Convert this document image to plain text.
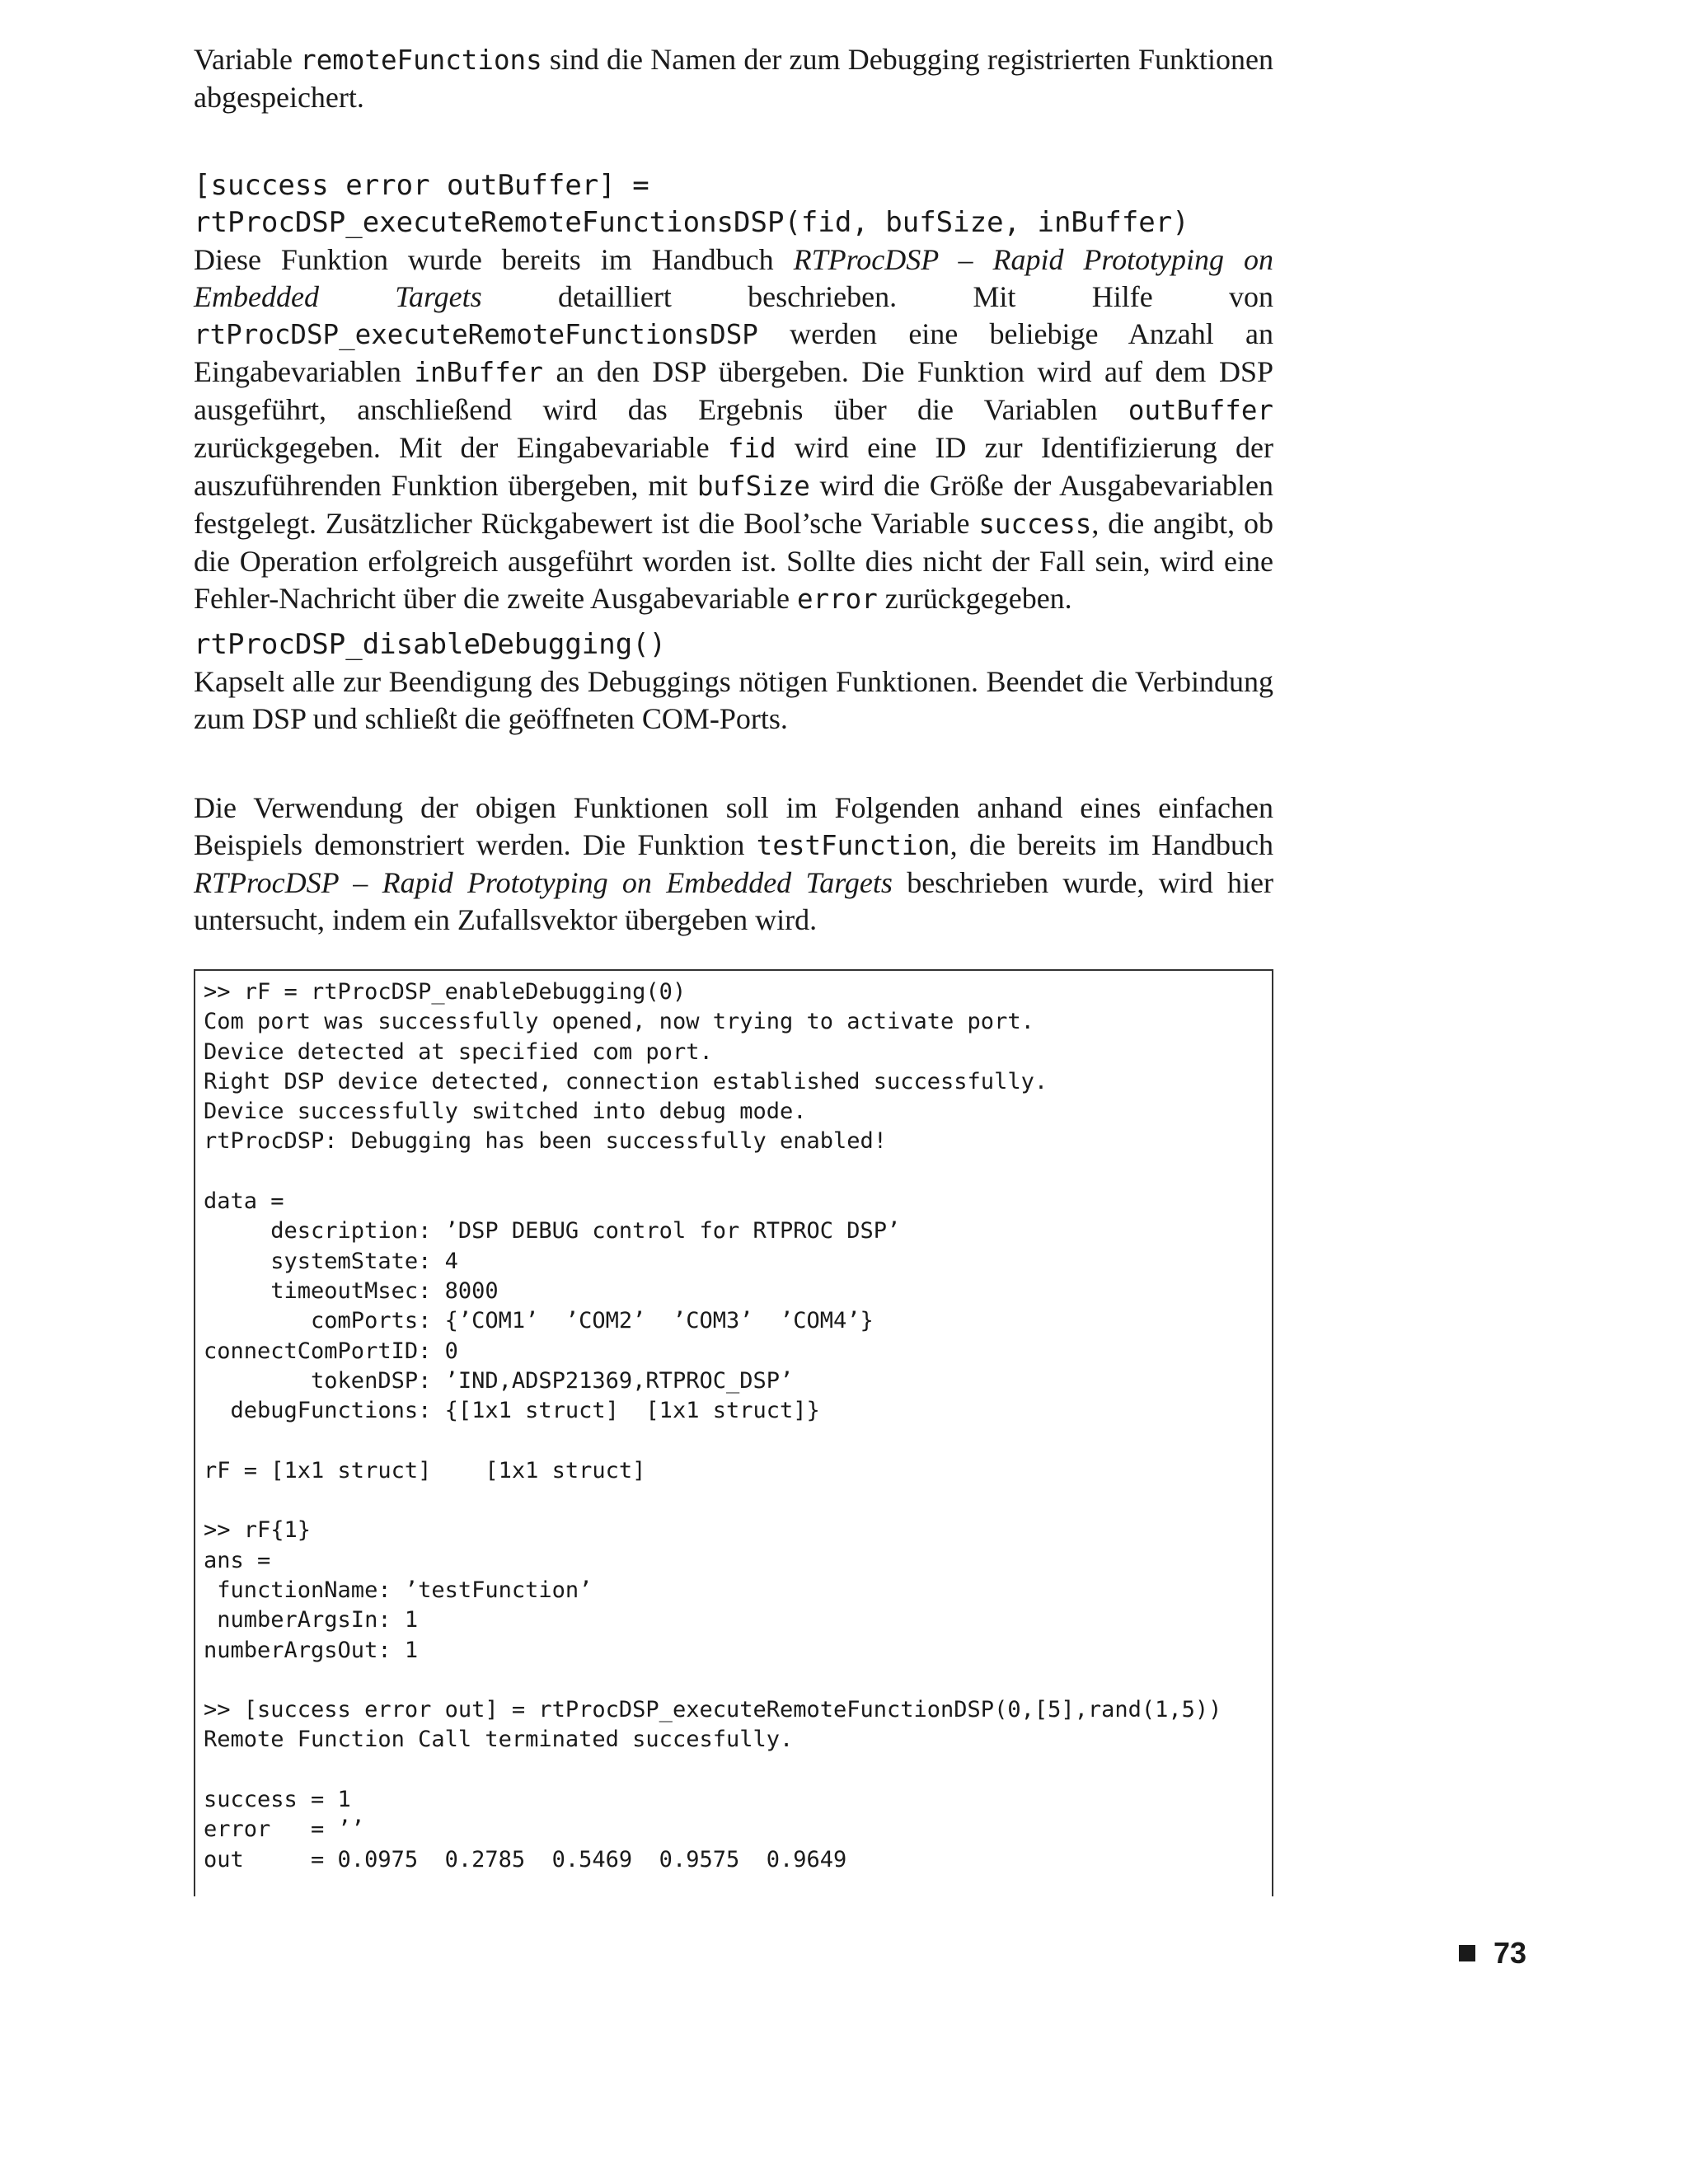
Variable remoteFunctions sind die Namen der zum Debugging registrierten Funktionen abgespeichert.

[success error outBuffer] =
rtProcDSP_executeRemoteFunctionsDSP(fid, bufSize, inBuffer)

Diese Funktion wurde bereits im Handbuch RTProcDSP – Rapid Prototyping on Embedded Targets detailliert beschrieben. Mit Hilfe von rtProcDSP_executeRemoteFunctionsDSP werden eine beliebige Anzahl an Eingabevariablen inBuffer an den DSP übergeben. Die Funktion wird auf dem DSP ausgeführt, anschließend wird das Ergebnis über die Variablen outBuffer zurückgegeben. Mit der Eingabevariable fid wird eine ID zur Identifizierung der auszuführenden Funktion übergeben, mit bufSize wird die Größe der Ausgabevariablen festgelegt. Zusätzlicher Rückgabewert ist die Bool’sche Variable success, die angibt, ob die Operation erfolgreich ausgeführt worden ist. Sollte dies nicht der Fall sein, wird eine Fehler-Nachricht über die zweite Ausgabevariable error zurückgegeben.

rtProcDSP_disableDebugging()

Kapselt alle zur Beendigung des Debuggings nötigen Funktionen. Beendet die Verbindung zum DSP und schließt die geöffneten COM-Ports.

Die Verwendung der obigen Funktionen soll im Folgenden anhand eines einfachen Beispiels demonstriert werden. Die Funktion testFunction, die bereits im Handbuch RTProcDSP – Rapid Prototyping on Embedded Targets beschrieben wurde, wird hier untersucht, indem ein Zufallsvektor übergeben wird.

>> rF = rtProcDSP_enableDebugging(0)
Com port was successfully opened, now trying to activate port.
Device detected at specified com port.
Right DSP device detected, connection established successfully.
Device successfully switched into debug mode.
rtProcDSP: Debugging has been successfully enabled!

data =
description: ’DSP DEBUG control for RTPROC DSP’
systemState: 4
timeoutMsec: 8000
comPorts: {’COM1’  ’COM2’  ’COM3’  ’COM4’}
connectComPortID: 0
tokenDSP: ’IND,ADSP21369,RTPROC_DSP’
debugFunctions: {[1x1 struct]  [1x1 struct]}

rF = [1x1 struct]    [1x1 struct]

>> rF{1}
ans =
functionName: ’testFunction’
numberArgsIn: 1
numberArgsOut: 1

>> [success error out] = rtProcDSP_executeRemoteFunctionDSP(0,[5],rand(1,5))
Remote Function Call terminated succesfully.

success = 1
error   = ’’
out     = 0.0975  0.2785  0.5469  0.9575  0.9649

73
